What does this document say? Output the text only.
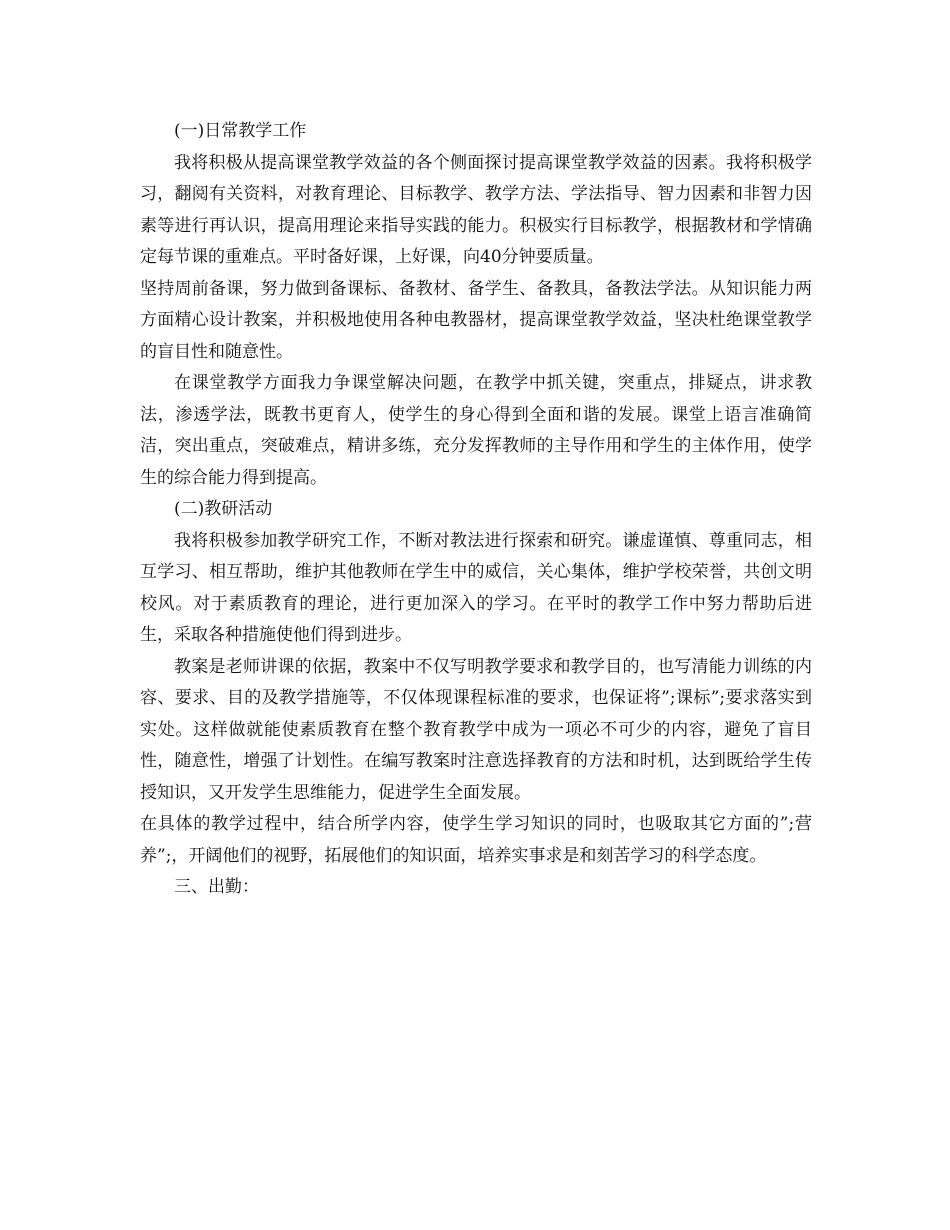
(一)日常教学工作

我将积极从提高课堂教学效益的各个侧面探讨提高课堂教学效益的因素。我将积极学习，翻阅有关资料，对教育理论、目标教学、教学方法、学法指导、智力因素和非智力因素等进行再认识，提高用理论来指导实践的能力。积极实行目标教学，根据教材和学情确定每节课的重难点。平时备好课，上好课，向40分钟要质量。

坚持周前备课，努力做到备课标、备教材、备学生、备教具，备教法学法。从知识能力两方面精心设计教案，并积极地使用各种电教器材，提高课堂教学效益，坚决杜绝课堂教学的盲目性和随意性。

在课堂教学方面我力争课堂解决问题，在教学中抓关键，突重点，排疑点，讲求教法，渗透学法，既教书更育人，使学生的身心得到全面和谐的发展。课堂上语言准确简洁，突出重点，突破难点，精讲多练，充分发挥教师的主导作用和学生的主体作用，使学生的综合能力得到提高。

(二)教研活动

我将积极参加教学研究工作，不断对教法进行探索和研究。谦虚谨慎、尊重同志，相互学习、相互帮助，维护其他教师在学生中的威信，关心集体，维护学校荣誉，共创文明校风。对于素质教育的理论，进行更加深入的学习。在平时的教学工作中努力帮助后进生，采取各种措施使他们得到进步。

教案是老师讲课的依据，教案中不仅写明教学要求和教学目的，也写清能力训练的内容、要求、目的及教学措施等，不仅体现课程标准的要求，也保证将”;课标”;要求落实到实处。这样做就能使素质教育在整个教育教学中成为一项必不可少的内容，避免了盲目性，随意性，增强了计划性。在编写教案时注意选择教育的方法和时机，达到既给学生传授知识，又开发学生思维能力，促进学生全面发展。

在具体的教学过程中，结合所学内容，使学生学习知识的同时，也吸取其它方面的”;营养”;，开阔他们的视野，拓展他们的知识面，培养实事求是和刻苦学习的科学态度。

三、出勤：
